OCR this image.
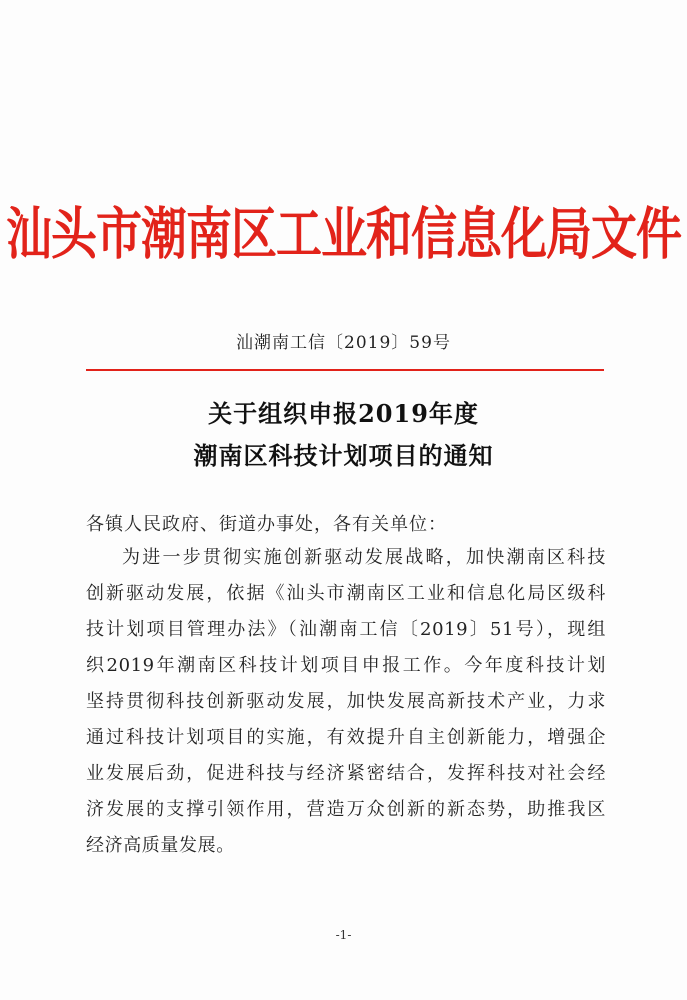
汕头市潮南区工业和信息化局文件
汕潮南工信〔2019〕59号
关于组织申报2019年度
潮南区科技计划项目的通知
各镇人民政府、街道办事处，各有关单位：
为进一步贯彻实施创新驱动发展战略，加快潮南区科技
创新驱动发展，依据《汕头市潮南区工业和信息化局区级科
技计划项目管理办法》（汕潮南工信〔2019〕51号），现组
织2019年潮南区科技计划项目申报工作。今年度科技计划
坚持贯彻科技创新驱动发展，加快发展高新技术产业，力求
通过科技计划项目的实施，有效提升自主创新能力，增强企
业发展后劲，促进科技与经济紧密结合，发挥科技对社会经
济发展的支撑引领作用，营造万众创新的新态势，助推我区
经济高质量发展。
-1-
